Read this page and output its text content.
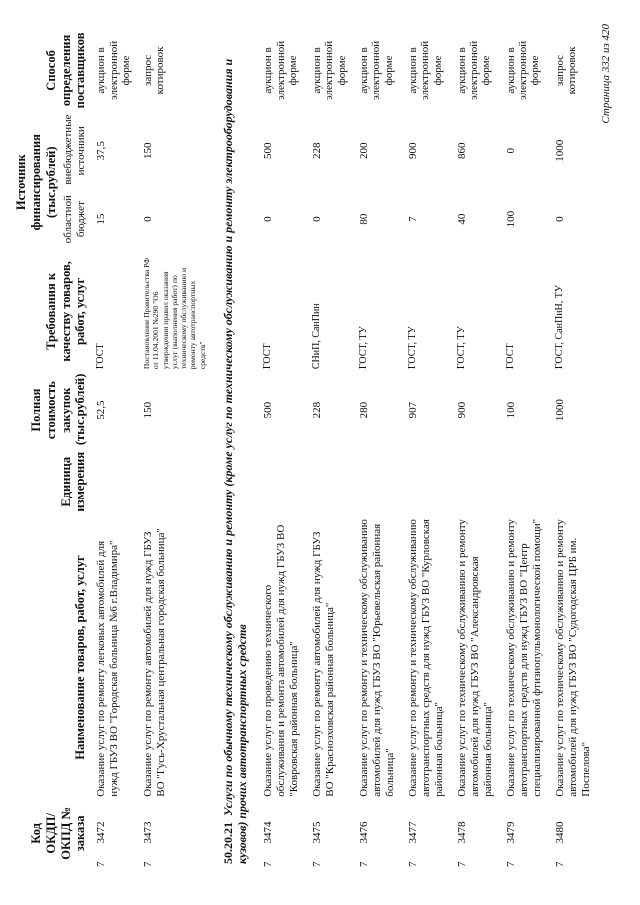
Код ОКДП/ ОКПД № заказа	Наименование товаров, работ, услуг	Единица измерения	Полная стоимость закупок (тыс.рублей)	Требования к качеству товаров, работ, услуг	Источник финансирования (тыс.рублей)		Способ определения поставщиков
					областной бюджет	внебюджетные источники	
73472	Оказание услуг по ремонту легковых автомобилей для нужд ГБУЗ ВО "Городская больница №6 г.Владимира"		52,5	ГОСТ	15	37,5	аукцион в электронной форме
73473	Оказание услуг по ремонту автомобилей для нужд ГБУЗ ВО "Гусь-Хрустальная центральная городская больница"		150	Постановление Правительства РФ от 11.04.2001 №290 "О6 утверждении правил оказания услуг (выполнения работ) по техническому обслуживанию и ремонту автотранспортных средств"	0	150	запрос котировок
50.20.21Услуги по обычному техническому обслуживанию и ремонту (кроме услуг по техническому обслуживанию и ремонту электрооборудования и кузовов) прочих автотранспортных средств							
73474	Оказание услуг по проведению технического обслуживания и ремонта автомобилей для нужд ГБУЗ ВО "Ковровская районная больница"		500	ГОСТ	0	500	аукцион в электронной форме
73475	Оказание услуг по ремонту автомобилей для нужд ГБУЗ ВО "Красноэховская районная больница"		228	СНиП, СанПин	0	228	аукцион в электронной форме
73476	Оказание услуг по ремонту и техническому обслуживанию автомобилей для нужд ГБУЗ ВО "Юрьевельская районная больница"		280	ГОСТ, ТУ	80	200	аукцион в электронной форме
73477	Оказание услуг по ремонту и техническому обслуживанию автотранспортных средств для нужд ГБУЗ ВО "Курловская районная больница"		907	ГОСТ, ТУ	7	900	аукцион в электронной форме
73478	Оказание услуг по техническому обслуживанию и ремонту автомобилей для нужд ГБУЗ ВО "Александровская районная больница"		900	ГОСТ, ТУ	40	860	аукцион в электронной форме
73479	Оказание услуг по техническому обслуживанию и ремонту автотранспортных средств для нужд ГБУЗ ВО "Центр специализированной фтизиопульмонологической помощи"		100	ГОСТ	100	0	аукцион в электронной форме
73480	Оказание услуг по техническому обслуживанию и ремонту автомобилей для нужд ГБУЗ ВО "Судогодская ЦРБ им. Поспелова"		1000	ГОСТ, СанПиН, ТУ	0	1000	запрос котировок Страница 332 из 420
